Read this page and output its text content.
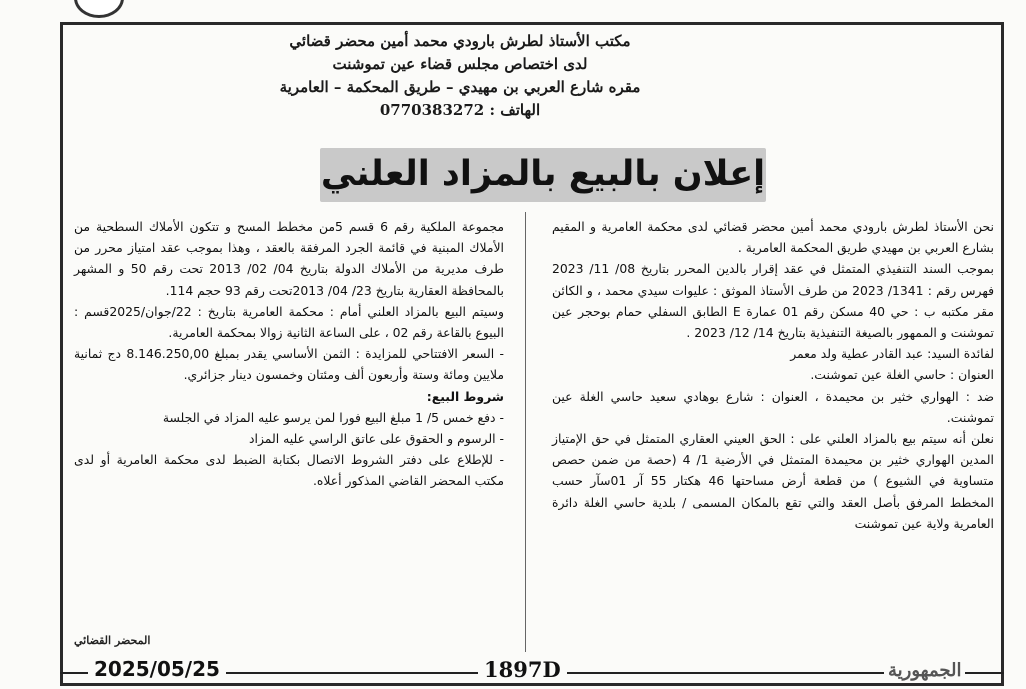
مكتب الأستاذ لطرش بارودي محمد أمين محضر قضائي
لدى اختصاص مجلس قضاء عين تموشنت
مقره شارع العربي بن مهيدي – طريق المحكمة – العامرية
الهاتف : 0770383272
إعلان بالبيع بالمزاد العلني

نحن الأستاذ لطرش بارودي محمد أمين محضر قضائي لدى محكمة العامرية و المقيم بشارع العربي بن مهيدي طريق المحكمة العامرية .

بموجب السند التنفيذي المتمثل في عقد إقرار بالدين المحرر بتاريخ 08/ 11/ 2023 فهرس رقم : 1341/ 2023 من طرف الأستاذ الموثق : عليوات سيدي محمد ، و الكائن مقر مكتبه ب : حي 40 مسكن رقم 01 عمارة E الطابق السفلي حمام بوحجر عين تموشنت و الممهور بالصيغة التنفيذية بتاريخ 14/ 12/ 2023 .

لفائدة السيد: عبد القادر عطية ولد معمر

العنوان : حاسي الغلة عين تموشنت.

ضد : الهواري خثير بن محيمدة ، العنوان : شارع بوهادي سعيد حاسي الغلة عين تموشنت.

نعلن أنه سيتم بيع بالمزاد العلني على : الحق العيني العقاري المتمثل في حق الإمتياز المدين الهواري خثير بن محيمدة المتمثل في الأرضية 1/ 4 (حصة من ضمن حصص متساوية في الشيوع ) من قطعة أرض مساحتها 46 هكتار 55 آر 01سآر حسب المخطط المرفق بأصل العقد والتي تقع بالمكان المسمى / بلدية حاسي الغلة دائرة العامرية ولاية عين تموشنت

مجموعة الملكية رقم 6 قسم 5من مخطط المسح و تتكون الأملاك السطحية من الأملاك المبنية في قائمة الجرد المرفقة بالعقد ، وهذا بموجب عقد امتياز محرر من طرف مديرية من الأملاك الدولة بتاريخ 04/ 02/ 2013 تحت رقم 50 و المشهر بالمحافظة العقارية بتاريخ 23/ 04/ 2013تحت رقم 93 حجم 114.

وسيتم البيع بالمزاد العلني أمام : محكمة العامرية بتاريخ : 22/جوان/2025قسم : البيوع بالقاعة رقم 02 ، على الساعة الثانية زوالا بمحكمة العامرية.

- السعر الافتتاحي للمزايدة : الثمن الأساسي يقدر بمبلغ 8.146.250,00 دج ثمانية ملايين ومائة وستة وأربعون ألف ومئتان وخمسون دينار جزائري.

شروط البيع:

- دفع خمس 5/ 1 مبلغ البيع فورا لمن يرسو عليه المزاد في الجلسة

- الرسوم و الحقوق على عاتق الراسي عليه المزاد

- للإطلاع على دفتر الشروط الاتصال بكتابة الضبط لدى محكمة العامرية أو لدى مكتب المحضر القاضي المذكور أعلاه.

المحضر القضائي
2025/05/25	1897D	الجمهورية
